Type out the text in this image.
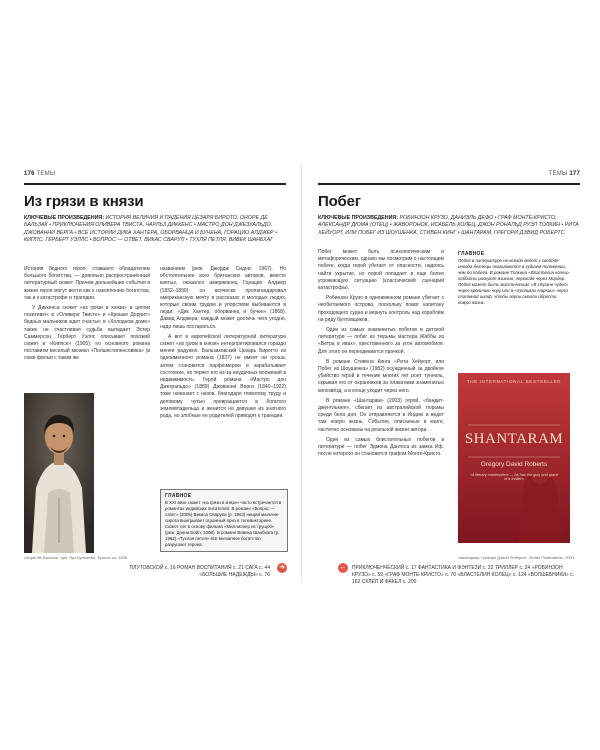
176 ТЕМЫ
Из грязи в князи
КЛЮЧЕВЫЕ ПРОИЗВЕДЕНИЯ: ИСТОРИЯ ВЕЛИЧИЯ И ПАДЕНИЯ ЦЕЗАРЯ БИРОТО, ОНОРЕ ДЕ БАЛЬЗАК • ПРИКЛЮЧЕНИЯ ОЛИВЕРА ТВИСТА, ЧАРЛЬЗ ДИККЕНС • МАСТРО ДОН ДЖЕЗУАЛЬДО, ДЖОВАННИ ВЕРГА • ВСЕ ИСТОРИИ ДИКА ХАНТЕРА, ОБОРВАНЦА И БУЧЕНА, ГОРАЦИО АЛДЖЕР • КИППС, ГЕРБЕРТ УЭЛЛС • ВОПРОС — ОТВЕТ, ВИКАС СВАРУП • ТУХЛЯ ПЕТЛЯ, ВИВЕК ШАНБХАГ

История бедного героя, ставшего обладателем большого богатства, — довольно распространённый литературный сюжет. Причем дальнейшие события в жизни героя могут вести как к накоплению богатства, так и к катастрофе и трагедии.

У Диккенса сюжет «из грязи в князи» в целом позитивен: в «Оливере Твисте» и «Крошке Доррит» бедных мальчиков ждет счастье; в «Холодном доме» также не счастливая судьба выпадает Эстер Саммерсон. Герберт Уэллс описывает похожий сюжет в «Киппсе» (1905); но основного романа поставили веселый мюзикл «Полшестипенсовика» (в семи фильм с таким же

названием (реж. Джордж Сидни; 1967). Но обстоятельнее всех британских авторов, вместе взятых, оказался американец Горацио Алджер (1832–1899): он всячески пропагандировал американскую мечту в рассказах о молодых людях, которые своим трудом и упорством выбиваются в люди: «Дик Хантер, оборванец и бучен» (1868). Давид Алджера: каждый может достичь чего угодно, надо лишь постараться.

А вот в европейской литературной литературе сюжет «из грязи в князи» интерпретировался гораздо менее радужно. Бальзаковский Цезарь Биротто из одноименного романа (1837) не имеет ни гроша, затем становится парфюмером и зарабатывает состояние, но теряет его из-за неудачных вложений в недвижимость. Герой романа «Мастро дон Джезуальдо» (1889) Джованни Верги (1840–1922) тоже начинает с низов, благодаря тяжелому труду и деловому чутью превращается в богатого землевладельца и женится на девушке из знатного рода, но злобные ее родителей приводят к трагедии.

ГЛАВНОЕ
В XXI веке сюжет «из грязи в князи» часто встречается в романтах индийских писателей. В романе «Вопрос — ответ» (2005) Викаса Сварупа (р. 1963) нищий мальчик-сирота выигрывает огромный приз в телевикторине. Сюжет лег в основу фильма «Миллионер из трущоб» (реж. Дэнни Бойл; 2008). В романе Вивека Шанбхага (р. 1962) «Тухлая петля» всё внезапное богатство разрушает героев.
Оноре де Бальзак. Худ. Луи Бульанже, Бульон ок. 1836
ПЛУТОВСКОЙ с. 16 РОМАН ВОСПИТАНИЯ с. 21 САГА с. 44 «БОЛЬШИЕ НАДЕЖДЫ» с. 76
➔
ТЕМЫ 177
Побег
КЛЮЧЕВЫЕ ПРОИЗВЕДЕНИЯ: РОБИНЗОН КРУЗО, ДАНИЭЛЬ ДЕФО • ГРАФ МОНТЕ-КРИСТО, АЛЕКСАНДР ДЮМА (ОТЕЦ) • ЖАВОРОНОК, ИСАБЕЛЬ КОЛЕЦ, ДЖОН РОНАЛЬД РУЭЛ ТОЛКИН • РИТА ХЕЙУОРТ, ИЛИ ПОБЕГ ИЗ ШОУШЕНКА, СТИВЕН КИНГ • ШАНТАРАМ, ГРЕГОРИ ДЭВИД РОБЕРТС

Побег может быть психологическим и метафорическим, однако мы посмотрим о настоящем побеге, когда герой убегает от опасности, надеясь найти укрытие, но порой попадает в еще более угрожающую ситуацию (классический сценарий катастрофы).

Робинзон Крузо в одноименном романе убегает с необитаемого острова, поскольку помог капитану проходящего судна и вернуть контроль над кораблём на ряду бунтовщиков.

Один из самых знаменитых побегов в детской литературе — побег из тюрьмы мастера Жаббы из «Ветра в ивах», крестовенного за угон автомобиля. Для этого он переодевается прачкой.

В романе Стивена Кинга «Рита Хейуорт, или Побег из Шоушенка» (1982) осужденный за двойное убийство герой в течение многих лет роет туннель, скрывая его от охранников за плакатами знаменитых кинозвёзд, а в конце уходит через него.

В романе «Шантарам» (2003) герой, «бандит-джентльмен», сбегает из австралийской тюрьмы среди бела дня. Он отправляется в Индию и ведет там новую жизнь. События, описанные в книге, частично основаны на реальной жизни автора.

Один из самых блистательных побегов в литературе — побег Эдмона Дантеса из замка Иф, после которого он становится графом Монте-Кристо.

ГЛАВНОЕ
Побег в литературе не всегда ведет к свободе: иногда беглецы оказываются в худшем положении, чем до побега. В романе Толкина «Властелин колец» хоббиты рискуют жизнью, переходя через Мордор. Побег может быть мистическим: «В стране чудес» через кроличью нору или в «Хрониках Нарнии» через платяной шкаф, чтобы герои смогли обрести новую жизнь.
THE INTERNATIONAL BESTSELLER
SHANTARAM
Gregory David Roberts
«A literary masterpiece — he has the guts and grace of a thriller»
Шантарам. Грегори Дэвид Робертс. Scribe Publications, 2003
←	ПРИКЛЮЧЕНЧЕСКИЙ с. 17 ФАНТАСТИКА И ФЭНТЕЗИ с. 22 ТРИЛЛЕР с. 24 «РОБИНЗОН КРУЗО» с. 59 «ГРАФ МОНТЕ-КРИСТО» с. 70 «ВЛАСТЕЛИН КОЛЕЦ» с. 124 «ВОЛШЕБНИКИ» с. 162 СКЛЕП И ФАКЕЛ с. 200
